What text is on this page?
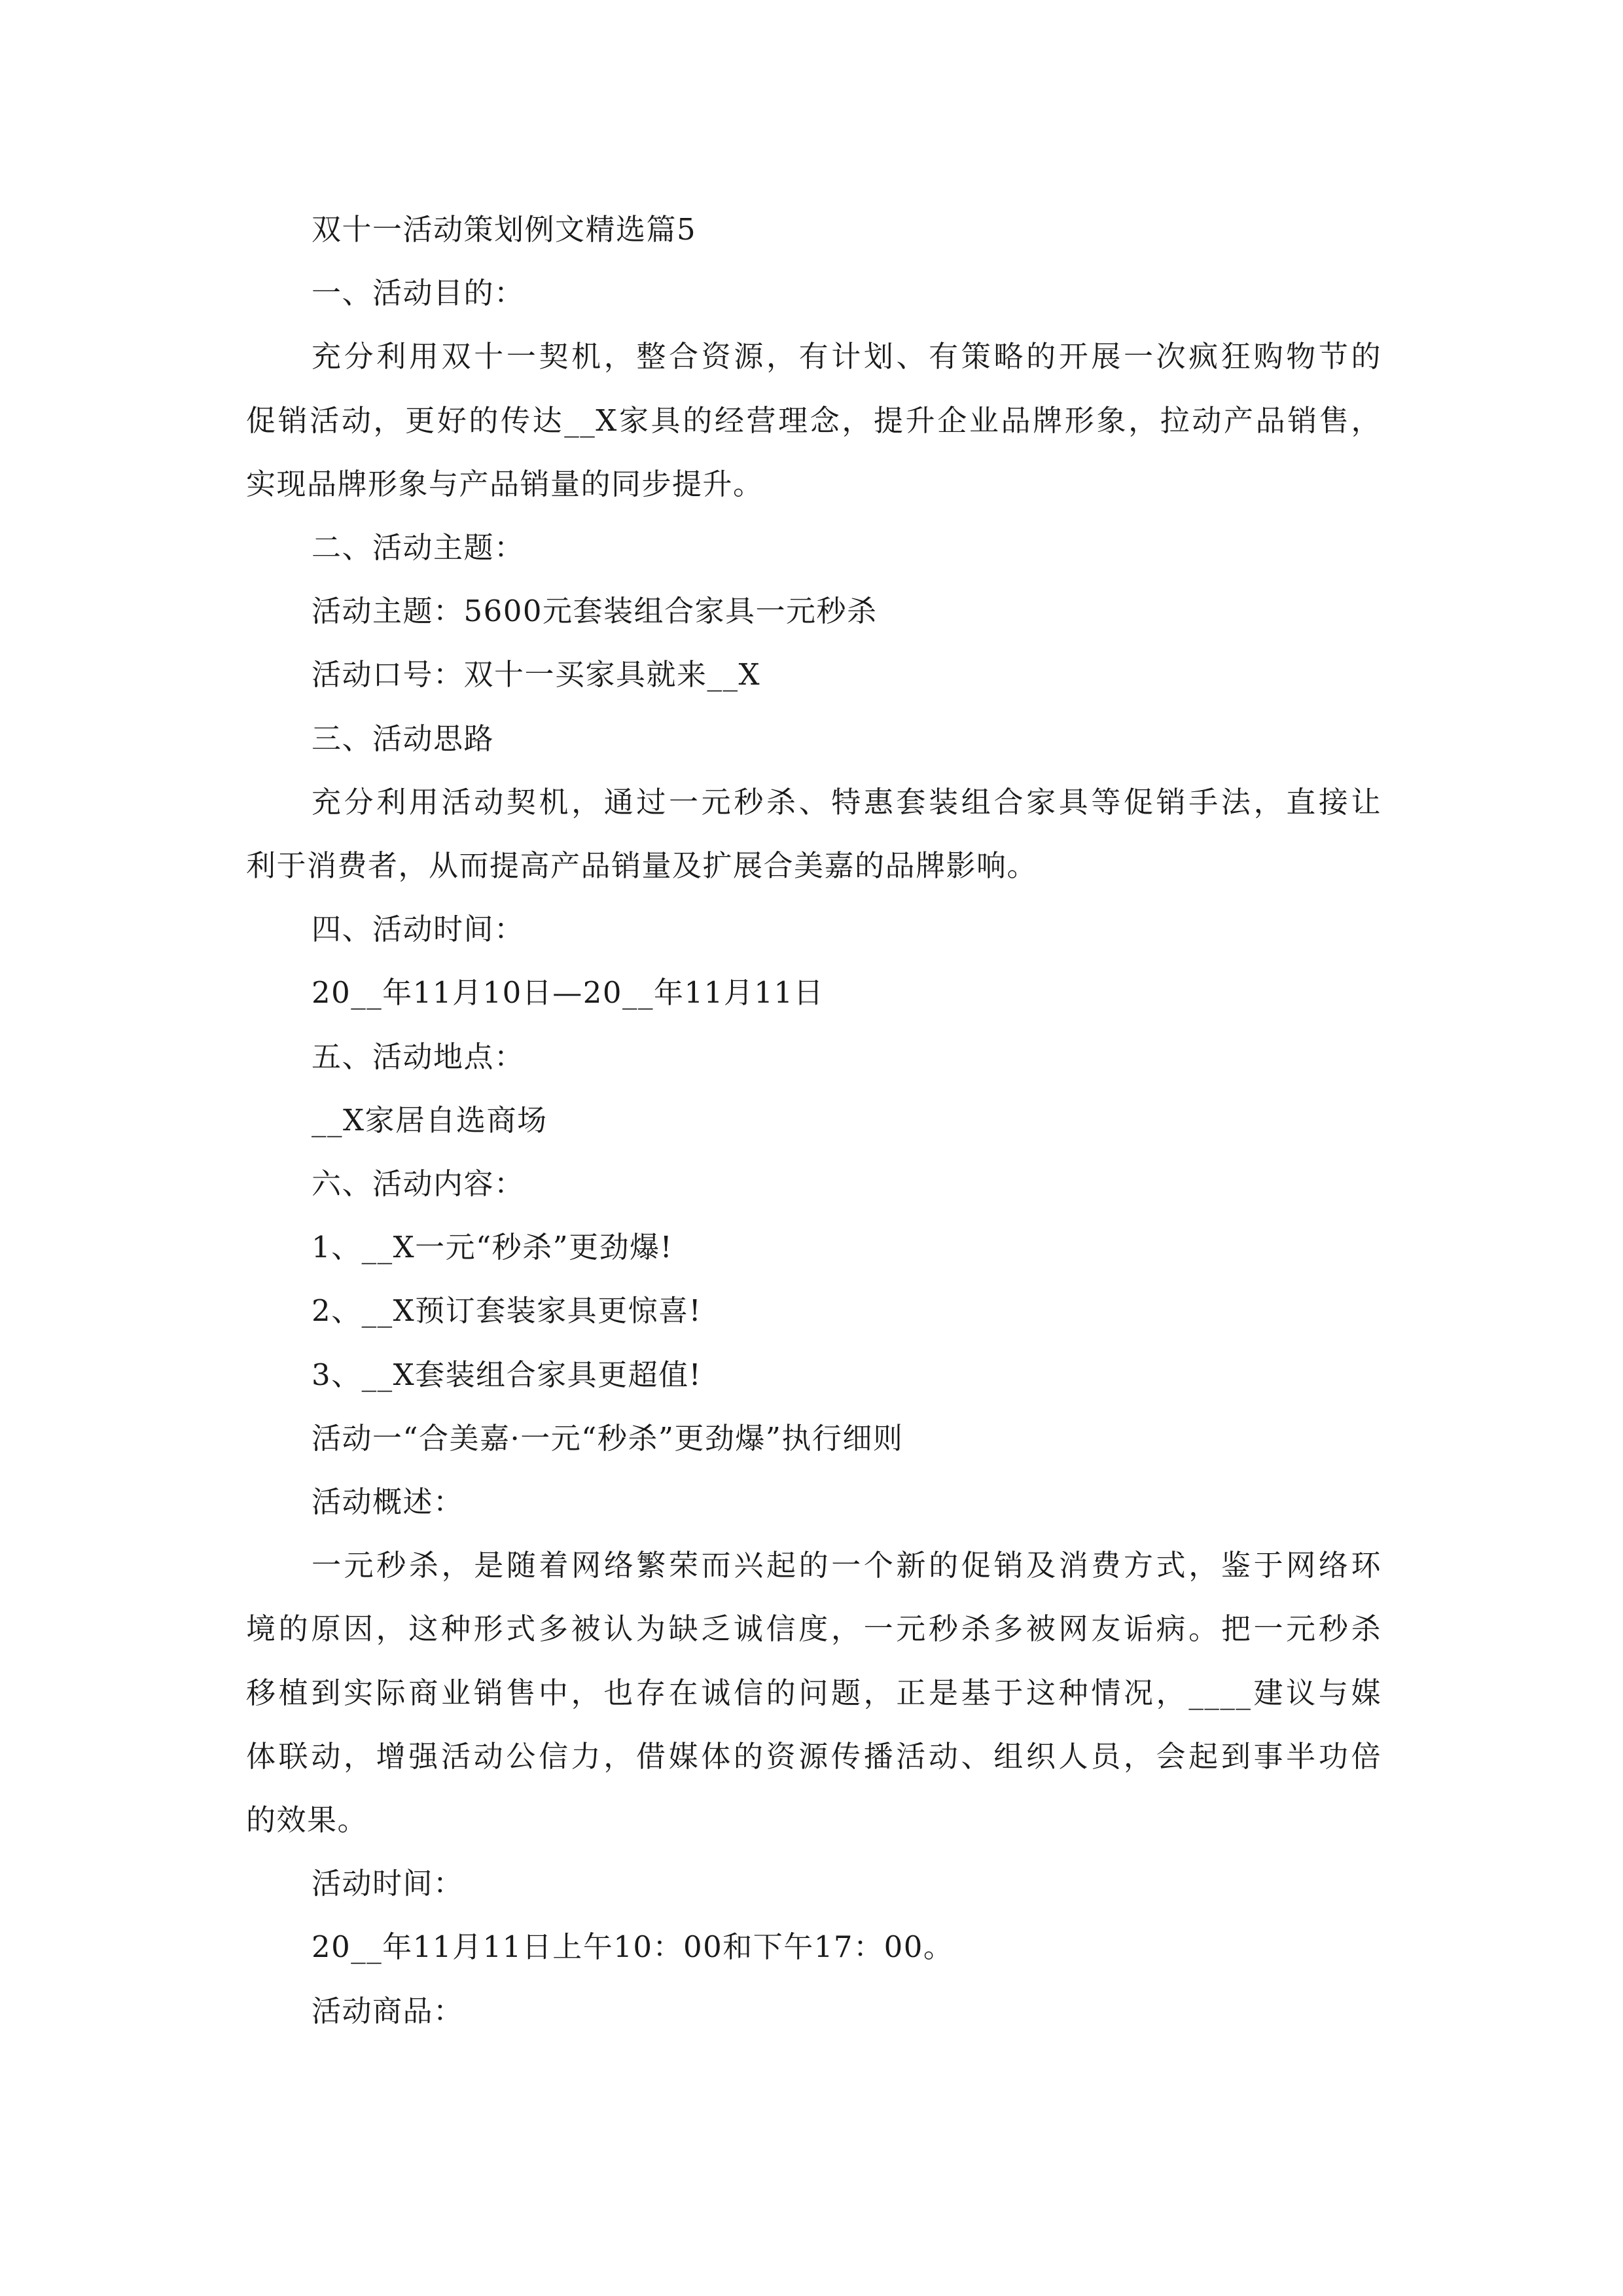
双十一活动策划例文精选篇5
一、活动目的：
充分利用双十一契机，整合资源，有计划、有策略的开展一次疯狂购物节的
促销活动，更好的传达__X家具的经营理念，提升企业品牌形象，拉动产品销售，
实现品牌形象与产品销量的同步提升。
二、活动主题：
活动主题：5600元套装组合家具一元秒杀
活动口号：双十一买家具就来__X
三、活动思路
充分利用活动契机，通过一元秒杀、特惠套装组合家具等促销手法，直接让
利于消费者，从而提高产品销量及扩展合美嘉的品牌影响。
四、活动时间：
20__年11月10日—20__年11月11日
五、活动地点：
__X家居自选商场
六、活动内容：
1、__X一元“秒杀”更劲爆!
2、__X预订套装家具更惊喜!
3、__X套装组合家具更超值!
活动一“合美嘉·一元“秒杀”更劲爆”执行细则
活动概述：
一元秒杀，是随着网络繁荣而兴起的一个新的促销及消费方式，鉴于网络环
境的原因，这种形式多被认为缺乏诚信度，一元秒杀多被网友诟病。把一元秒杀
移植到实际商业销售中，也存在诚信的问题，正是基于这种情况，____建议与媒
体联动，增强活动公信力，借媒体的资源传播活动、组织人员，会起到事半功倍
的效果。
活动时间：
20__年11月11日上午10：00和下午17：00。
活动商品：
